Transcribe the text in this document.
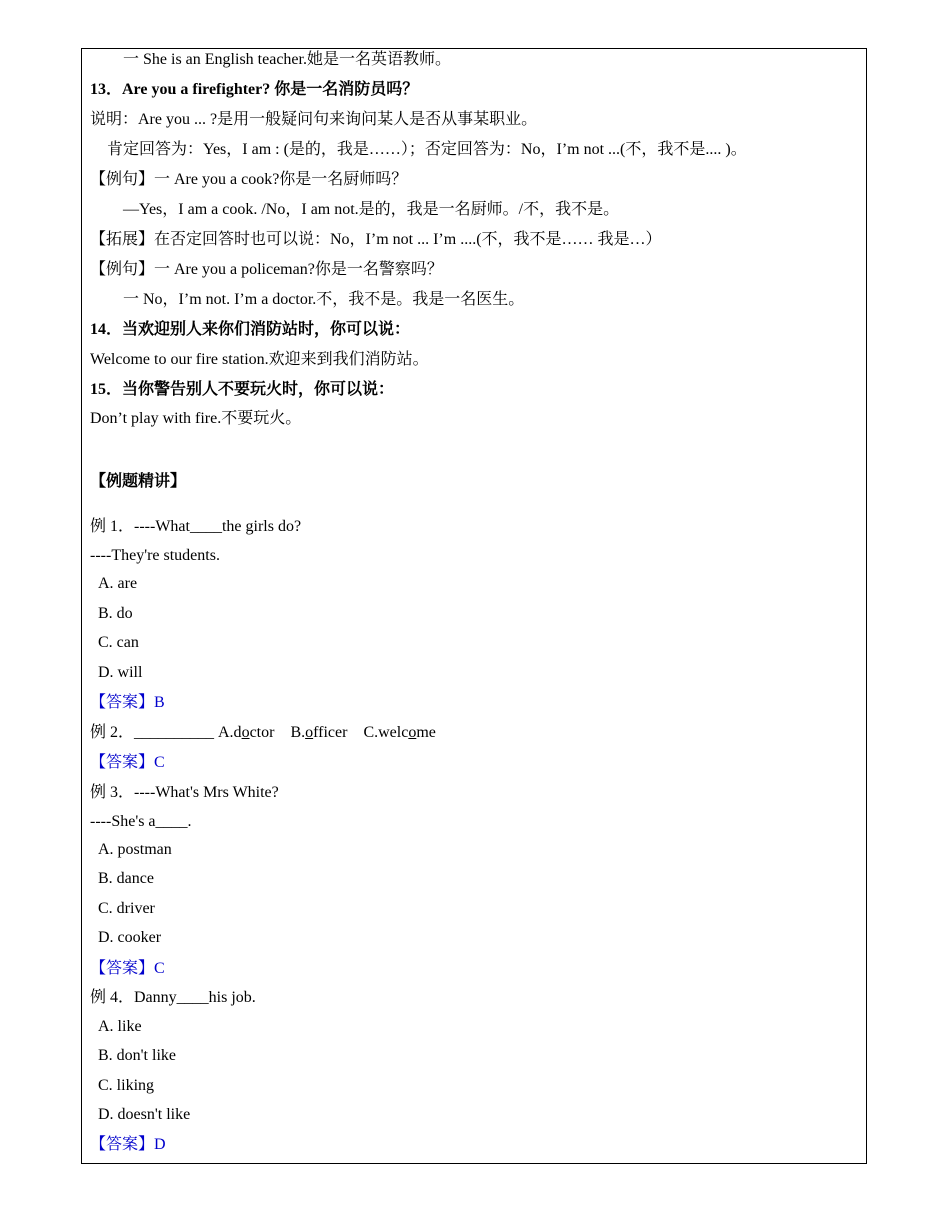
一 She is an English teacher.她是一名英语教师。
13．Are you a firefighter? 你是一名消防员吗？
说明：Are you ... ?是用一般疑问句来询问某人是否从事某职业。
肯定回答为：Yes，I am : (是的，我是……）；否定回答为：No，I’m not ...(不，我不是.... )。
【例句】一 Are you a cook?你是一名厨师吗？
—Yes，I am a cook. /No，I am not.是的，我是一名厨师。/不，我不是。
【拓展】在否定回答时也可以说：No，I’m not ... I’m ....(不，我不是…… 我是…）
【例句】一 Are you a policeman?你是一名警察吗？
一 No，I’m not. I’m a doctor.不，我不是。我是一名医生。
14．当欢迎别人来你们消防站时，你可以说：
Welcome to our fire station.欢迎来到我们消防站。
15．当你警告别人不要玩火时，你可以说：
Don’t play with fire.不要玩火。
【例题精讲】
例 1．----What____the girls do?
----They're students.
A. are
B. do
C. can
D. will
【答案】B
例 2．__________ A.doctor    B.officer    C.welcome
【答案】C
例 3．----What's Mrs White?
----She's a____.
A. postman
B. dance
C. driver
D. cooker
【答案】C
例 4．Danny____his job.
A. like
B. don't like
C. liking
D. doesn't like
【答案】D
